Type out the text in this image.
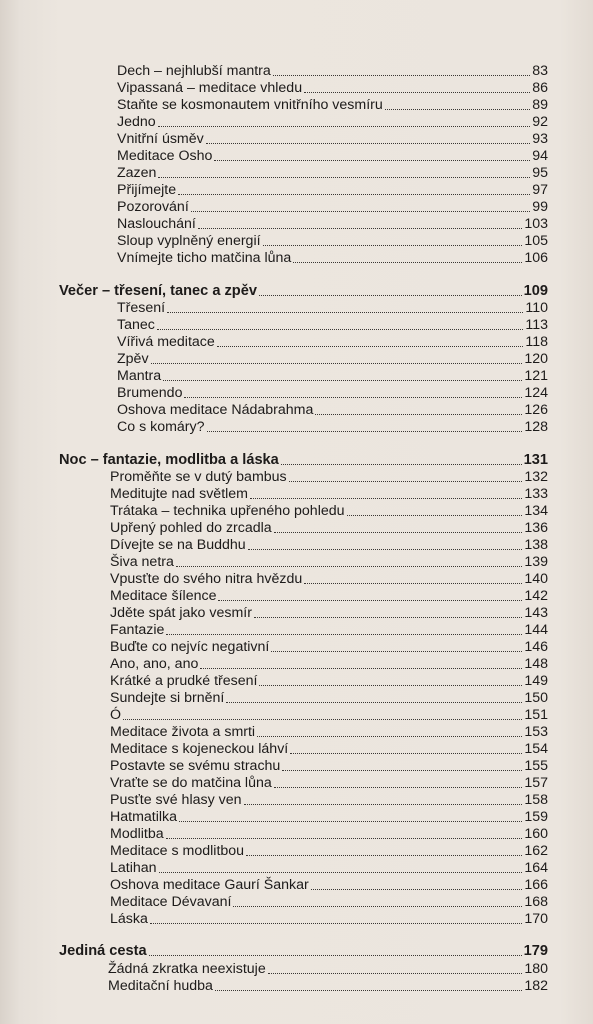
Dech – nejhlubší mantra	83
Vipassaná – meditace vhledu	86
Staňte se kosmonautem vnitřního vesmíru	89
Jedno	92
Vnitřní úsměv	93
Meditace Osho	94
Zazen	95
Přijímejte	97
Pozorování	99
Naslouchání	103
Sloup vyplněný energií	105
Vnímejte ticho matčina lůna	106
Večer – třesení, tanec a zpěv	109
Třesení	110
Tanec	113
Vířivá meditace	118
Zpěv	120
Mantra	121
Brumendo	124
Oshova meditace Nádabrahma	126
Co s komáry?	128
Noc – fantazie, modlitba a láska	131
Proměňte se v dutý bambus	132
Meditujte nad světlem	133
Trátaka – technika upřeného pohledu	134
Upřený pohled do zrcadla	136
Dívejte se na Buddhu	138
Šiva netra	139
Vpusťte do svého nitra hvězdu	140
Meditace šílence	142
Jděte spát jako vesmír	143
Fantazie	144
Buďte co nejvíc negativní	146
Ano, ano, ano	148
Krátké a prudké třesení	149
Sundejte si brnění	150
Ó	151
Meditace života a smrti	153
Meditace s kojeneckou láhví	154
Postavte se svému strachu	155
Vraťte se do matčina lůna	157
Pusťte své hlasy ven	158
Hatmatilka	159
Modlitba	160
Meditace s modlitbou	162
Latihan	164
Oshova meditace Gaurí Šankar	166
Meditace Dévavaní	168
Láska	170
Jediná cesta	179
Žádná zkratka neexistuje	180
Meditační hudba	182
